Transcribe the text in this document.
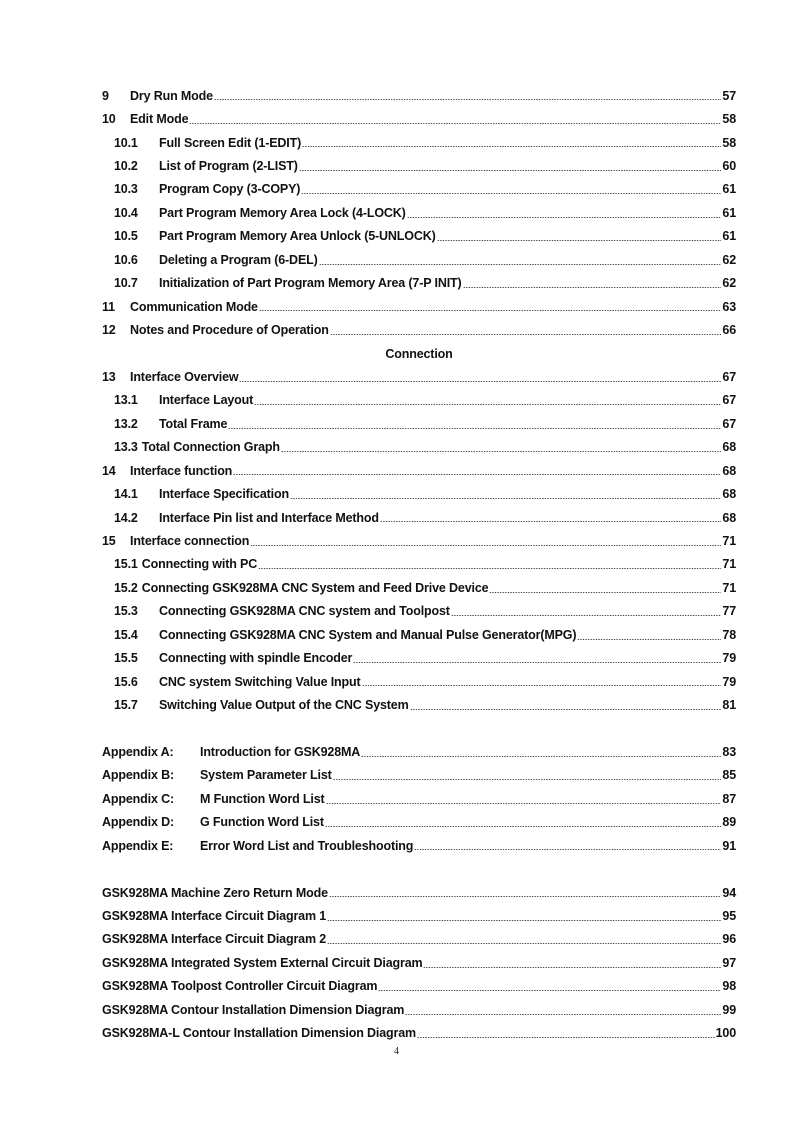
9	Dry Run Mode	57
10	Edit Mode	58
10.1	Full Screen Edit (1-EDIT)	58
10.2	List of Program (2-LIST)	60
10.3	Program Copy (3-COPY)	61
10.4	Part Program Memory Area Lock (4-LOCK)	61
10.5	Part Program Memory Area Unlock (5-UNLOCK)	61
10.6	Deleting a Program (6-DEL)	62
10.7	Initialization of Part Program Memory Area (7-P INIT)	62
11	Communication Mode	63
12	Notes and Procedure of Operation	66
Connection
13	Interface Overview	67
13.1	Interface Layout	67
13.2	Total Frame	67
13.3 Total Connection Graph	68
14	Interface function	68
14.1	Interface Specification	68
14.2	Interface Pin list and Interface Method	68
15	Interface connection	71
15.1 Connecting with PC	71
15.2 Connecting GSK928MA CNC System and Feed Drive Device	71
15.3	Connecting GSK928MA CNC system and Toolpost	77
15.4	Connecting GSK928MA CNC System and Manual Pulse Generator(MPG)	78
15.5	Connecting with spindle Encoder	79
15.6	CNC system Switching Value Input	79
15.7	Switching Value Output of the CNC System	81
Appendix A:	Introduction for GSK928MA	83
Appendix B:	System Parameter List	85
Appendix C:	M Function Word List	87
Appendix D:	G Function Word List	89
Appendix E:	Error Word List and Troubleshooting	91
GSK928MA Machine Zero Return Mode	94
GSK928MA Interface Circuit Diagram 1	95
GSK928MA Interface Circuit Diagram 2	96
GSK928MA Integrated System External Circuit Diagram	97
GSK928MA Toolpost Controller Circuit Diagram	98
GSK928MA Contour Installation Dimension Diagram	99
GSK928MA-L Contour Installation Dimension Diagram	100
4
